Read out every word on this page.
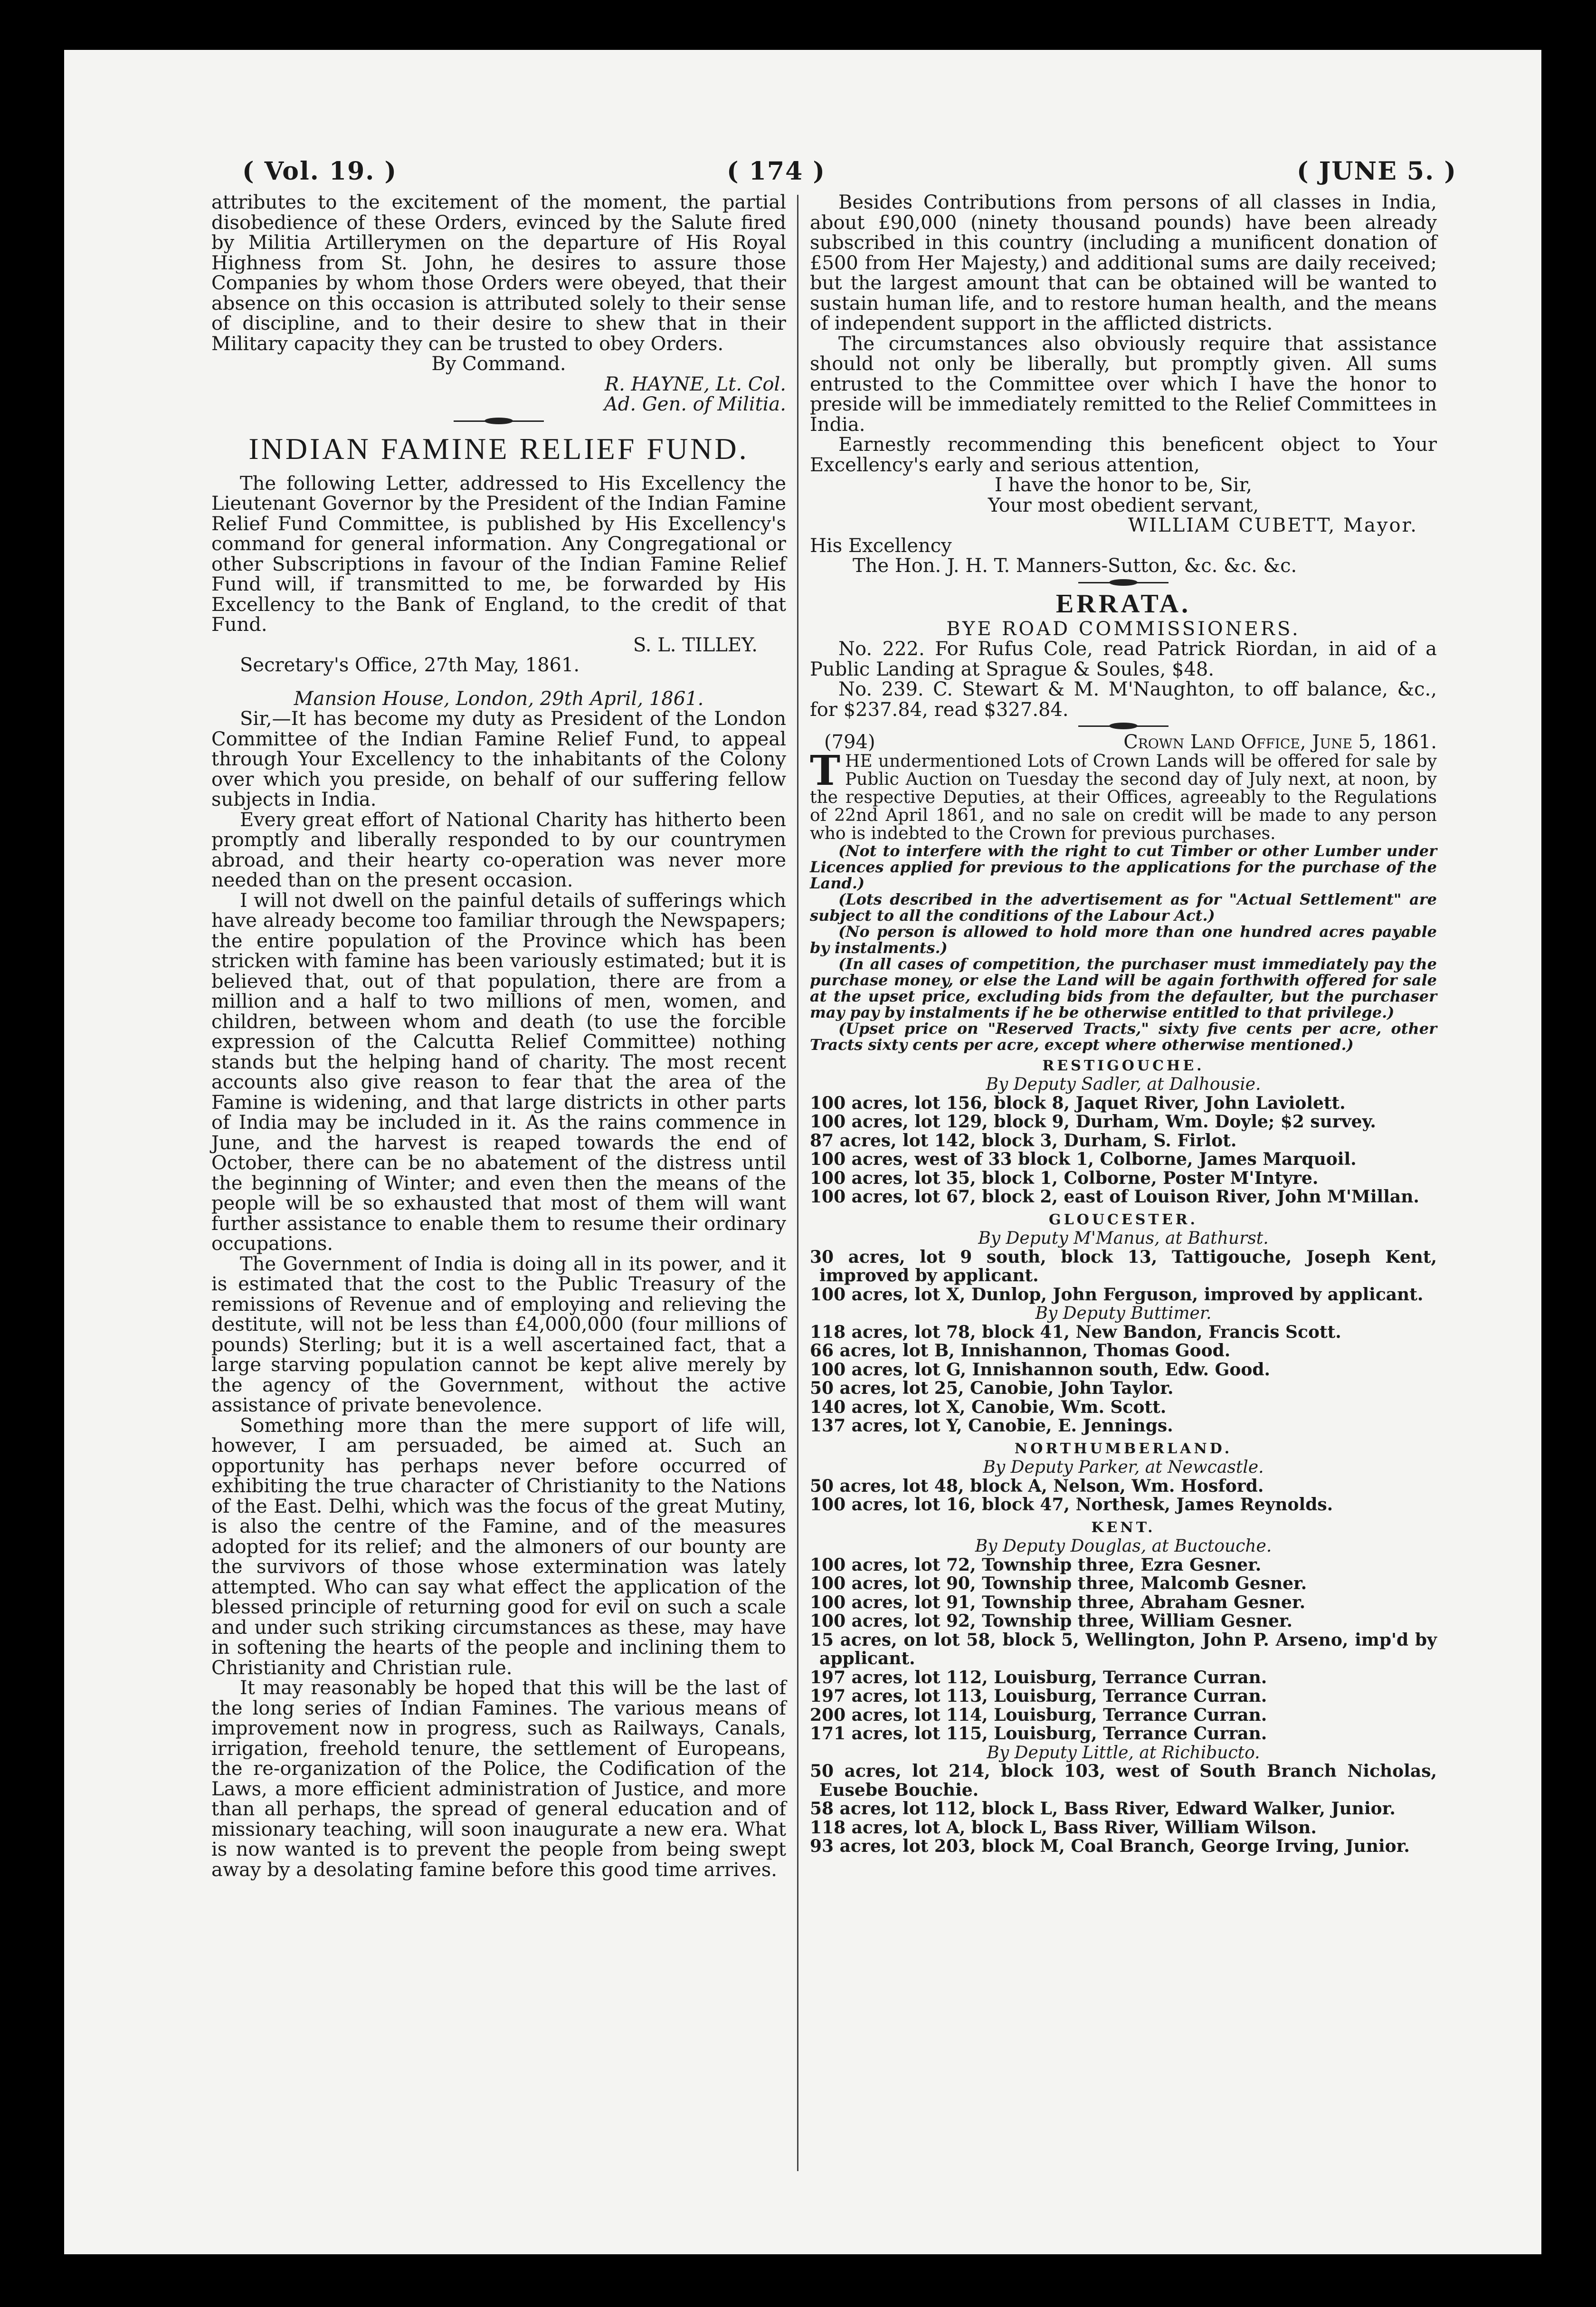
( Vol. 19. )	( 174 )	( JUNE 5. )

attributes to the excitement of the moment, the partial disobedience of these Orders, evinced by the Salute fired by Militia Artillerymen on the departure of His Royal Highness from St. John, he desires to assure those Companies by whom those Orders were obeyed, that their absence on this occasion is attributed solely to their sense of discipline, and to their desire to shew that in their Military capacity they can be trusted to obey Orders.

By Command.

R. HAYNE, Lt. Col.

Ad. Gen. of Militia.

INDIAN FAMINE RELIEF FUND.

The following Letter, addressed to His Excellency the Lieutenant Governor by the President of the Indian Famine Relief Fund Committee, is published by His Excellency's command for general information. Any Congregational or other Subscriptions in favour of the Indian Famine Relief Fund will, if transmitted to me, be forwarded by His Excellency to the Bank of England, to the credit of that Fund.

S. L. TILLEY.

Secretary's Office, 27th May, 1861.

Mansion House, London, 29th April, 1861.

Sir,—It has become my duty as President of the London Committee of the Indian Famine Relief Fund, to appeal through Your Excellency to the inhabitants of the Colony over which you preside, on behalf of our suffering fellow subjects in India.

Every great effort of National Charity has hitherto been promptly and liberally responded to by our countrymen abroad, and their hearty co-operation was never more needed than on the present occasion.

I will not dwell on the painful details of sufferings which have already become too familiar through the Newspapers; the entire population of the Province which has been stricken with famine has been variously estimated; but it is believed that, out of that population, there are from a million and a half to two millions of men, women, and children, between whom and death (to use the forcible expression of the Calcutta Relief Committee) nothing stands but the helping hand of charity. The most recent accounts also give reason to fear that the area of the Famine is widening, and that large districts in other parts of India may be included in it. As the rains commence in June, and the harvest is reaped towards the end of October, there can be no abatement of the distress until the beginning of Winter; and even then the means of the people will be so exhausted that most of them will want further assistance to enable them to resume their ordinary occupations.

The Government of India is doing all in its power, and it is estimated that the cost to the Public Treasury of the remissions of Revenue and of employing and relieving the destitute, will not be less than £4,000,000 (four millions of pounds) Sterling; but it is a well ascertained fact, that a large starving population cannot be kept alive merely by the agency of the Government, without the active assistance of private benevolence.

Something more than the mere support of life will, however, I am persuaded, be aimed at. Such an opportunity has perhaps never before occurred of exhibiting the true character of Christianity to the Nations of the East. Delhi, which was the focus of the great Mutiny, is also the centre of the Famine, and of the measures adopted for its relief; and the almoners of our bounty are the survivors of those whose extermination was lately attempted. Who can say what effect the application of the blessed principle of returning good for evil on such a scale and under such striking circumstances as these, may have in softening the hearts of the people and inclining them to Christianity and Christian rule.

It may reasonably be hoped that this will be the last of the long series of Indian Famines. The various means of improvement now in progress, such as Railways, Canals, irrigation, freehold tenure, the settlement of Europeans, the re-organization of the Police, the Codification of the Laws, a more efficient administration of Justice, and more than all perhaps, the spread of general education and of missionary teaching, will soon inaugurate a new era. What is now wanted is to prevent the people from being swept away by a desolating famine before this good time arrives.

Besides Contributions from persons of all classes in India, about £90,000 (ninety thousand pounds) have been already subscribed in this country (including a munificent donation of £500 from Her Majesty,) and additional sums are daily received; but the largest amount that can be obtained will be wanted to sustain human life, and to restore human health, and the means of independent support in the afflicted districts.

The circumstances also obviously require that assistance should not only be liberally, but promptly given. All sums entrusted to the Committee over which I have the honor to preside will be immediately remitted to the Relief Committees in India.

Earnestly recommending this beneficent object to Your Excellency's early and serious attention,

I have the honor to be, Sir,

Your most obedient servant,

WILLIAM CUBETT, Mayor.

His Excellency

The Hon. J. H. T. Manners-Sutton, &c. &c. &c.

ERRATA.

BYE ROAD COMMISSIONERS.

No. 222. For Rufus Cole, read Patrick Riordan, in aid of a Public Landing at Sprague & Soules, $48.

No. 239. C. Stewart & M. M'Naughton, to off balance, &c., for $237.84, read $327.84.

(794)	Crown Land Office, June 5, 1861.

THE undermentioned Lots of Crown Lands will be offered for sale by Public Auction on Tuesday the second day of July next, at noon, by the respective Deputies, at their Offices, agreeably to the Regulations of 22nd April 1861, and no sale on credit will be made to any person who is indebted to the Crown for previous purchases.

(Not to interfere with the right to cut Timber or other Lumber under Licences applied for previous to the applications for the purchase of the Land.)

(Lots described in the advertisement as for "Actual Settlement" are subject to all the conditions of the Labour Act.)

(No person is allowed to hold more than one hundred acres payable by instalments.)

(In all cases of competition, the purchaser must immediately pay the purchase money, or else the Land will be again forthwith offered for sale at the upset price, excluding bids from the defaulter, but the purchaser may pay by instalments if he be otherwise entitled to that privilege.)

(Upset price on "Reserved Tracts," sixty five cents per acre, other Tracts sixty cents per acre, except where otherwise mentioned.)

RESTIGOUCHE.

By Deputy Sadler, at Dalhousie.

100 acres, lot 156, block 8, Jaquet River, John Laviolett.

100 acres, lot 129, block 9, Durham, Wm. Doyle; $2 survey.

87 acres, lot 142, block 3, Durham, S. Firlot.

100 acres, west of 33 block 1, Colborne, James Marquoil.

100 acres, lot 35, block 1, Colborne, Poster M'Intyre.

100 acres, lot 67, block 2, east of Louison River, John M'Millan.

GLOUCESTER.

By Deputy M'Manus, at Bathurst.

30 acres, lot 9 south, block 13, Tattigouche, Joseph Kent, improved by applicant.

100 acres, lot X, Dunlop, John Ferguson, improved by applicant.

By Deputy Buttimer.

118 acres, lot 78, block 41, New Bandon, Francis Scott.

66 acres, lot B, Innishannon, Thomas Good.

100 acres, lot G, Innishannon south, Edw. Good.

50 acres, lot 25, Canobie, John Taylor.

140 acres, lot X, Canobie, Wm. Scott.

137 acres, lot Y, Canobie, E. Jennings.

NORTHUMBERLAND.

By Deputy Parker, at Newcastle.

50 acres, lot 48, block A, Nelson, Wm. Hosford.

100 acres, lot 16, block 47, Northesk, James Reynolds.

KENT.

By Deputy Douglas, at Buctouche.

100 acres, lot 72, Township three, Ezra Gesner.

100 acres, lot 90, Township three, Malcomb Gesner.

100 acres, lot 91, Township three, Abraham Gesner.

100 acres, lot 92, Township three, William Gesner.

15 acres, on lot 58, block 5, Wellington, John P. Arseno, imp'd by applicant.

197 acres, lot 112, Louisburg, Terrance Curran.

197 acres, lot 113, Louisburg, Terrance Curran.

200 acres, lot 114, Louisburg, Terrance Curran.

171 acres, lot 115, Louisburg, Terrance Curran.

By Deputy Little, at Richibucto.

50 acres, lot 214, block 103, west of South Branch Nicholas, Eusebe Bouchie.

58 acres, lot 112, block L, Bass River, Edward Walker, Junior.

118 acres, lot A, block L, Bass River, William Wilson.

93 acres, lot 203, block M, Coal Branch, George Irving, Junior.
